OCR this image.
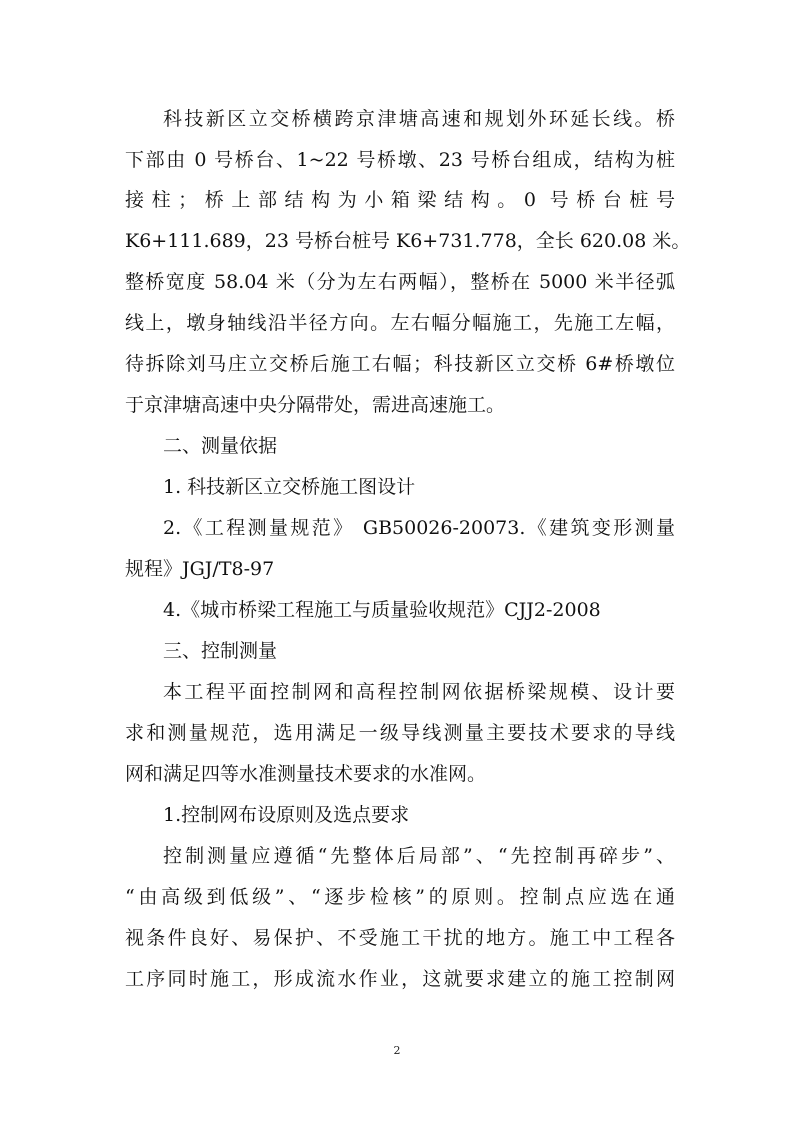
科技新区立交桥横跨京津塘高速和规划外环延长线。桥
下部由 0 号桥台、1~22 号桥墩、23 号桥台组成，结构为桩
接柱；桥上部结构为小箱梁结构。0 号桥台桩号
K6+111.689，23 号桥台桩号 K6+731.778，全长 620.08 米。
整桥宽度 58.04 米（分为左右两幅），整桥在 5000 米半径弧
线上，墩身轴线沿半径方向。左右幅分幅施工，先施工左幅，
待拆除刘马庄立交桥后施工右幅；科技新区立交桥 6#桥墩位
于京津塘高速中央分隔带处，需进高速施工。
二、测量依据
1. 科技新区立交桥施工图设计
2.《工程测量规范》 GB50026-20073.《建筑变形测量
规程》JGJ/T8-97
4.《城市桥梁工程施工与质量验收规范》CJJ2-2008
三、控制测量
本工程平面控制网和高程控制网依据桥梁规模、设计要
求和测量规范，选用满足一级导线测量主要技术要求的导线
网和满足四等水准测量技术要求的水准网。
1.控制网布设原则及选点要求
控制测量应遵循“先整体后局部”、“先控制再碎步”、
“由高级到低级”、“逐步检核”的原则。控制点应选在通
视条件良好、易保护、不受施工干扰的地方。施工中工程各
工序同时施工，形成流水作业，这就要求建立的施工控制网
2
